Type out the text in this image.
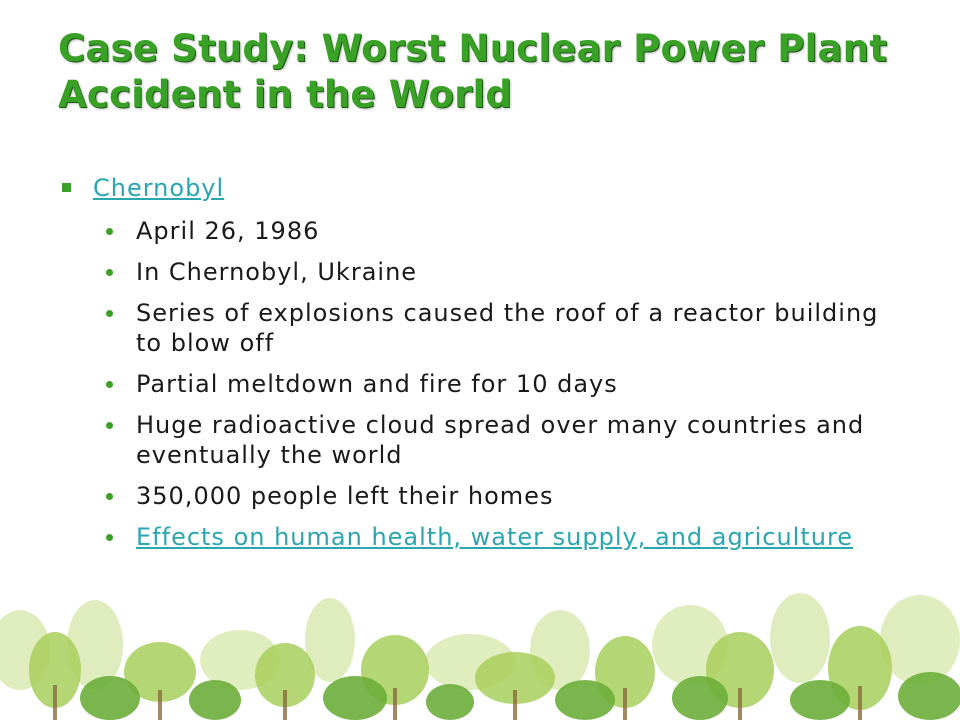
Case Study: Worst Nuclear Power Plant Accident in the World
Chernobyl
April 26, 1986
In Chernobyl, Ukraine
Series of explosions caused the roof of a reactor building to blow off
Partial meltdown and fire for 10 days
Huge radioactive cloud spread over many countries and eventually the world
350,000 people left their homes
Effects on human health, water supply, and agriculture
